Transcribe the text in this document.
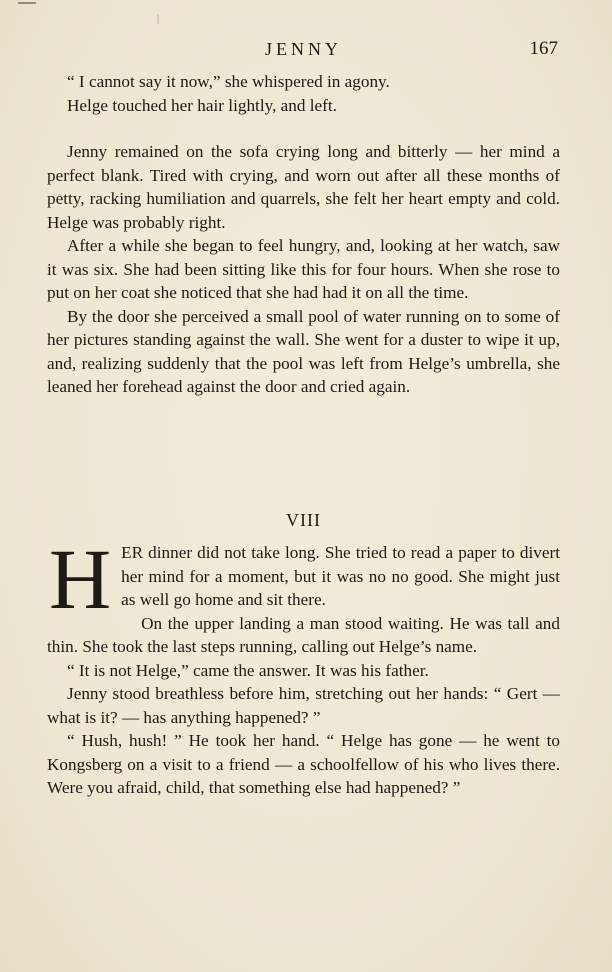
JENNY	167

“ I cannot say it now,” she whispered in agony.

Helge touched her hair lightly, and left.

Jenny remained on the sofa crying long and bitterly — her mind a perfect blank. Tired with crying, and worn out after all these months of petty, racking humiliation and quarrels, she felt her heart empty and cold. Helge was probably right.

After a while she began to feel hungry, and, looking at her watch, saw it was six. She had been sitting like this for four hours. When she rose to put on her coat she noticed that she had had it on all the time.

By the door she perceived a small pool of water running on to some of her pictures standing against the wall. She went for a duster to wipe it up, and, realizing suddenly that the pool was left from Helge’s umbrella, she leaned her forehead against the door and cried again.

VIII

HER dinner did not take long. She tried to read a paper to divert her mind for a moment, but it was no no good. She might just as well go home and sit there.

On the upper landing a man stood waiting. He was tall and thin. She took the last steps running, calling out Helge’s name.

“ It is not Helge,” came the answer. It was his father.

Jenny stood breathless before him, stretching out her hands: “ Gert — what is it? — has anything happened? ”

“ Hush, hush! ” He took her hand. “ Helge has gone — he went to Kongsberg on a visit to a friend — a schoolfellow of his who lives there. Were you afraid, child, that something else had happened? ”
